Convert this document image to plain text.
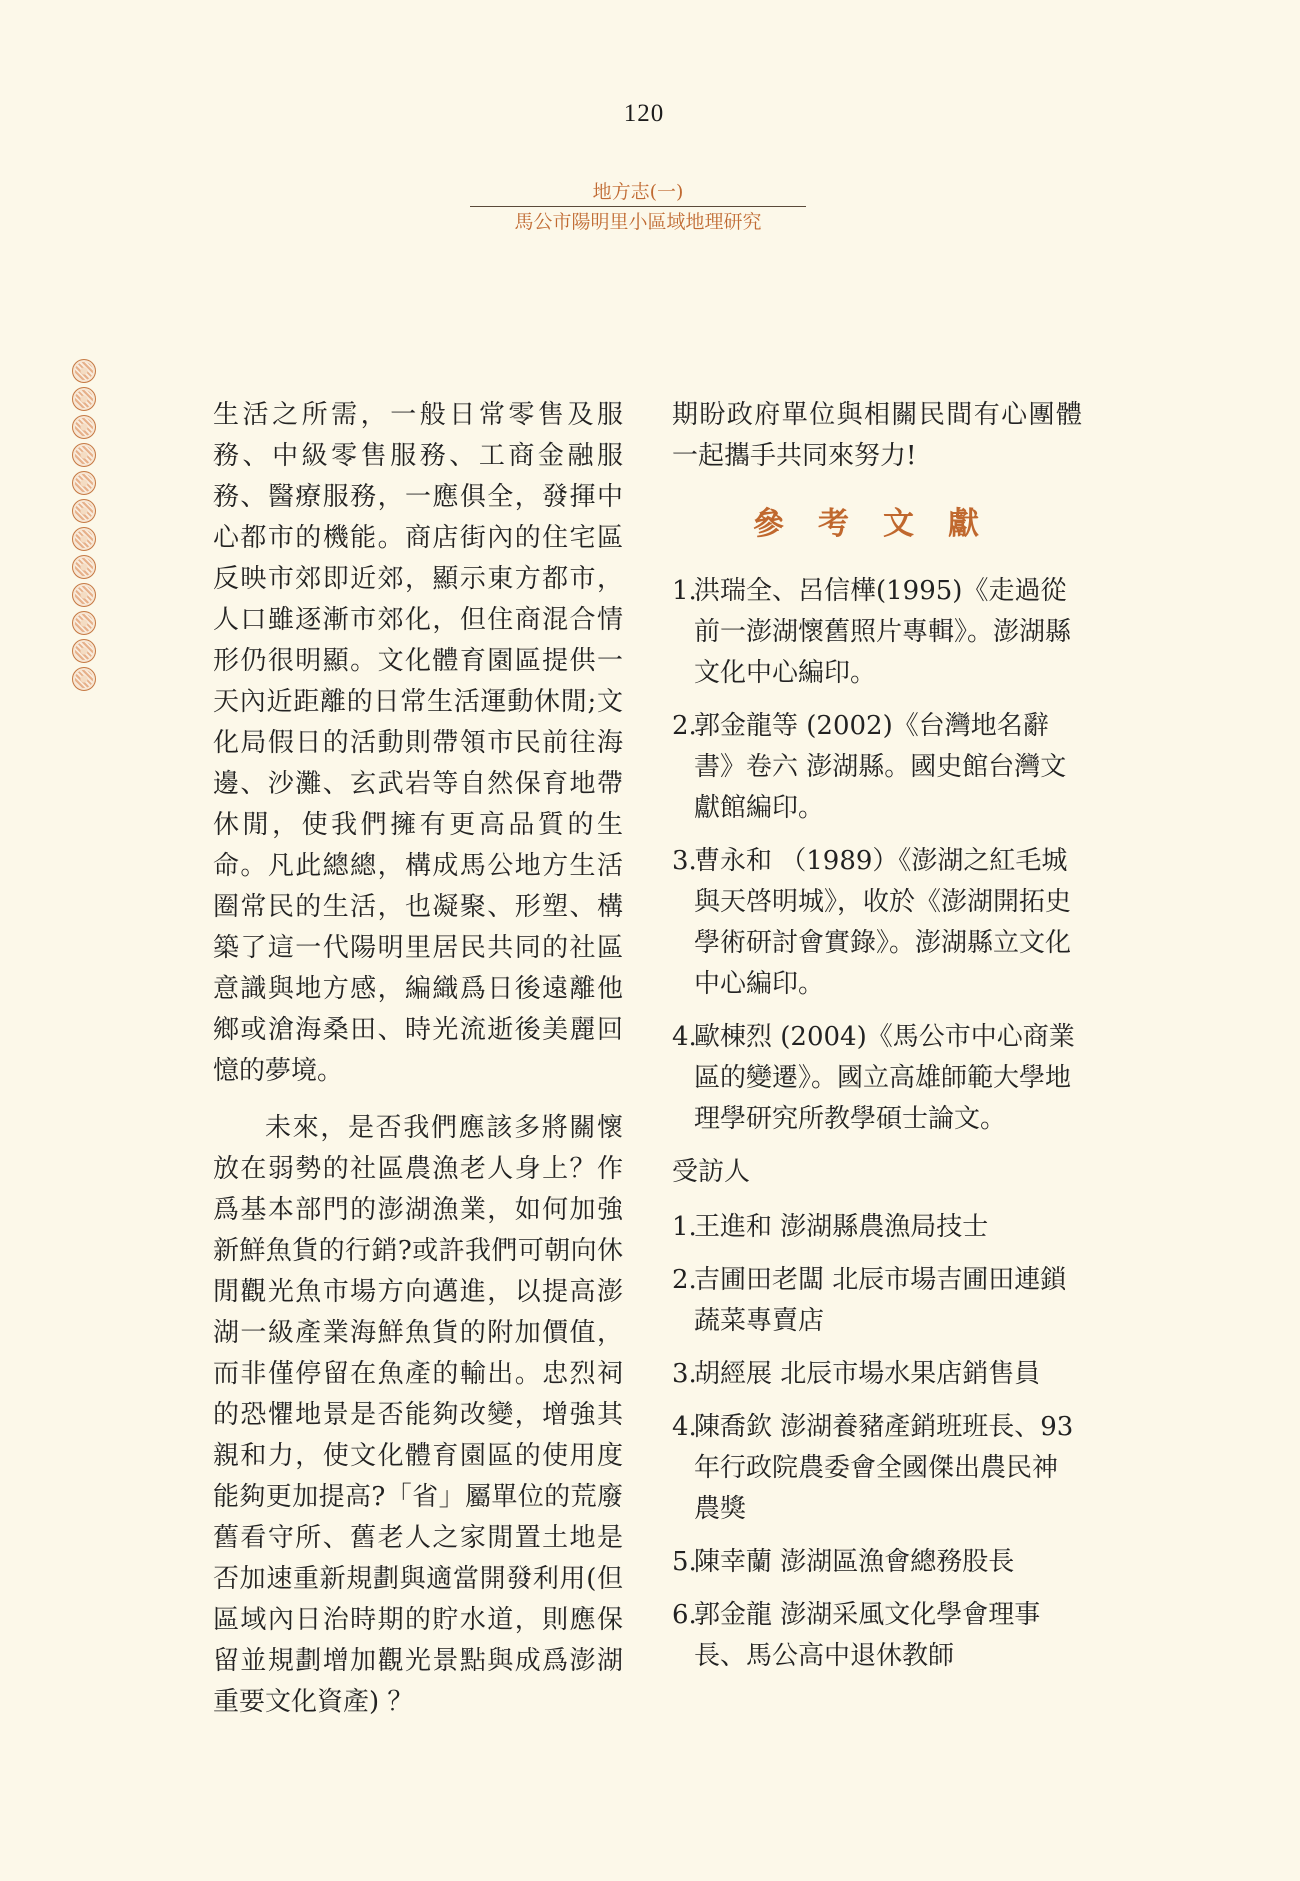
120
地方志(一)
馬公市陽明里小區域地理研究

生活之所需，一般日常零售及服務、中級零售服務、工商金融服務、醫療服務，一應俱全，發揮中心都市的機能。商店街內的住宅區反映市郊即近郊，顯示東方都市，人口雖逐漸市郊化，但住商混合情形仍很明顯。文化體育園區提供一天內近距離的日常生活運動休閒;文化局假日的活動則帶領市民前往海邊、沙灘、玄武岩等自然保育地帶休閒，使我們擁有更高品質的生命。凡此總總，構成馬公地方生活圈常民的生活，也凝聚、形塑、構築了這一代陽明里居民共同的社區意識與地方感，編織爲日後遠離他鄉或滄海桑田、時光流逝後美麗回憶的夢境。

未來，是否我們應該多將關懷放在弱勢的社區農漁老人身上？作爲基本部門的澎湖漁業，如何加強新鮮魚貨的行銷?或許我們可朝向休閒觀光魚市場方向邁進，以提高澎湖一級產業海鮮魚貨的附加價值，而非僅停留在魚產的輸出。忠烈祠的恐懼地景是否能夠改變，增強其親和力，使文化體育園區的使用度能夠更加提高?「省」屬單位的荒廢舊看守所、舊老人之家閒置土地是否加速重新規劃與適當開發利用(但區域內日治時期的貯水道，則應保留並規劃增加觀光景點與成爲澎湖重要文化資產) ？

期盼政府單位與相關民間有心團體一起攜手共同來努力!

參考文獻
1.
洪瑞全、呂信樺(1995)《走過從前一澎湖懷舊照片專輯》。澎湖縣文化中心編印。
2.
郭金龍等 (2002)《台灣地名辭書》卷六 澎湖縣。國史館台灣文獻館編印。
3.
曹永和 （1989）《澎湖之紅毛城與天啓明城》，收於《澎湖開拓史學術研討會實錄》。澎湖縣立文化中心編印。
4.
歐棟烈 (2004)《馬公市中心商業區的變遷》。國立高雄師範大學地理學研究所教學碩士論文。
受訪人
1.
王進和 澎湖縣農漁局技士
2.
吉圃田老闆 北辰市場吉圃田連鎖蔬菜專賣店
3.
胡經展 北辰市場水果店銷售員
4.
陳喬欽 澎湖養豬產銷班班長、93年行政院農委會全國傑出農民神農獎
5.
陳幸蘭 澎湖區漁會總務股長
6.
郭金龍 澎湖采風文化學會理事長、馬公高中退休教師
